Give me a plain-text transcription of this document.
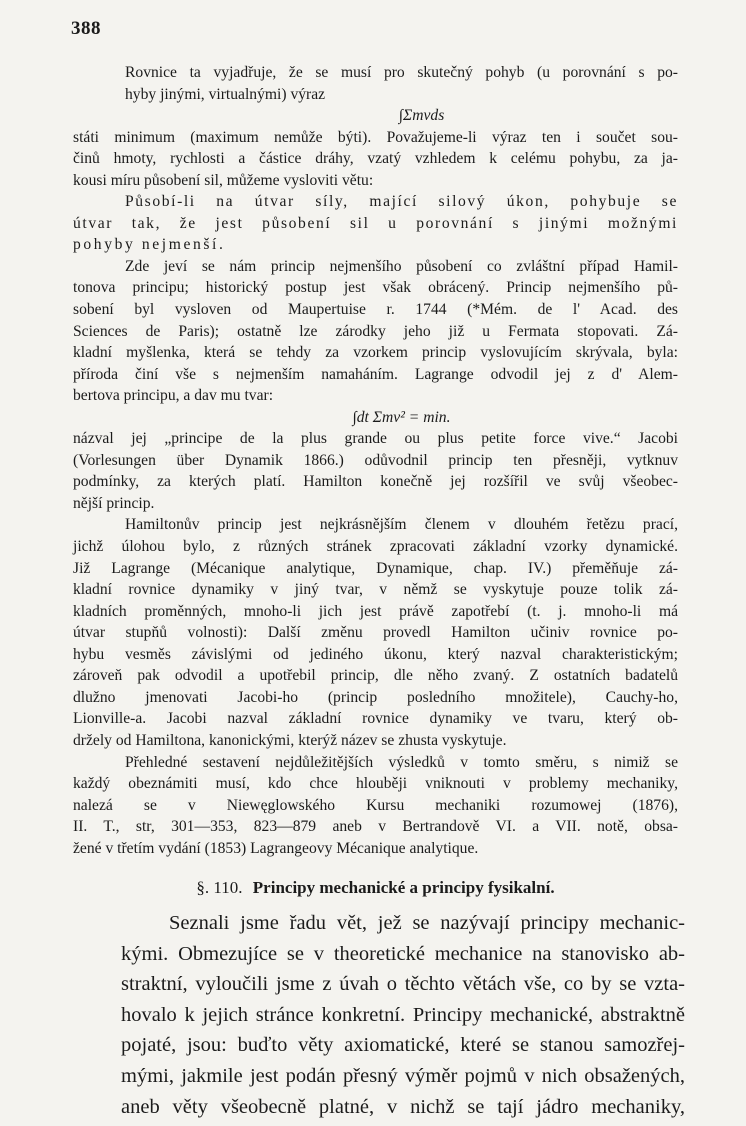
388

Rovnice ta vyjadřuje, že se musí pro skutečný pohyb (u porovnání s po-
hyby jinými, virtualnými) výraz

∫Σmvds

státi minimum (maximum nemůže býti). Považujeme-li výraz ten i součet sou-
činů hmoty, rychlosti a částice dráhy, vzatý vzhledem k celému pohybu, za ja-
kousi míru působení sil, můžeme vysloviti větu:

Působí-li na útvar síly, mající silový úkon, pohybuje se
útvar tak, že jest působení sil u porovnání s jinými možnými
pohyby nejmenší.

Zde jeví se nám princip nejmenšího působení co zvláštní případ Hamil-
tonova principu; historický postup jest však obrácený. Princip nejmenšího pů-
sobení byl vysloven od Maupertuise r. 1744 (*Mém. de l' Acad. des
Sciences de Paris); ostatně lze zárodky jeho již u Fermata stopovati. Zá-
kladní myšlenka, která se tehdy za vzorkem princip vyslovujícím skrývala, byla:
příroda činí vše s nejmenším namaháním. Lagrange odvodil jej z d' Alem-
bertova principu, a dav mu tvar:

∫dt Σmv² = min.

názval jej „principe de la plus grande ou plus petite force vive.“ Jacobi
(Vorlesungen über Dynamik 1866.) odůvodnil princip ten přesněji, vytknuv
podmínky, za kterých platí. Hamilton konečně jej rozšířil ve svůj všeobec-
nější princip.

Hamiltonův princip jest nejkrásnějším členem v dlouhém řetězu prací,
jichž úlohou bylo, z různých stránek zpracovati základní vzorky dynamické.
Již Lagrange (Mécanique analytique, Dynamique, chap. IV.) přeměňuje zá-
kladní rovnice dynamiky v jiný tvar, v němž se vyskytuje pouze tolik zá-
kladních proměnných, mnoho-li jich jest právě zapotřebí (t. j. mnoho-li má
útvar stupňů volnosti): Další změnu provedl Hamilton učiniv rovnice po-
hybu vesměs závislými od jediného úkonu, který nazval charakteristickým;
zároveň pak odvodil a upotřebil princip, dle něho zvaný. Z ostatních badatelů
dlužno jmenovati Jacobi-ho (princip posledního množitele), Cauchy-ho,
Lionville-a. Jacobi nazval základní rovnice dynamiky ve tvaru, který ob-
držely od Hamiltona, kanonickými, kterýž název se zhusta vyskytuje.

Přehledné sestavení nejdůležitějších výsledků v tomto směru, s nimiž se
každý obeznámiti musí, kdo chce hlouběji vniknouti v problemy mechaniky,
nalezá se v Niewęglowského Kursu mechaniki rozumowej (1876),
II. T., str, 301—353, 823—879 aneb v Bertrandově VI. a VII. notě, obsa-
žené v třetím vydání (1853) Lagrangeovy Mécanique analytique.

§. 110. Principy mechanické a principy fysikalní.

Seznali jsme řadu vět, jež se nazývají principy mechanic-
kými. Obmezujíce se v theoretické mechanice na stanovisko ab-
straktní, vyloučili jsme z úvah o těchto větách vše, co by se vzta-
hovalo k jejich stránce konkretní. Principy mechanické, abstraktně
pojaté, jsou: buďto věty axiomatické, které se stanou samozřej-
mými, jakmile jest podán přesný výměr pojmů v nich obsažených,
aneb věty všeobecně platné, v nichž se tají jádro mechaniky,
